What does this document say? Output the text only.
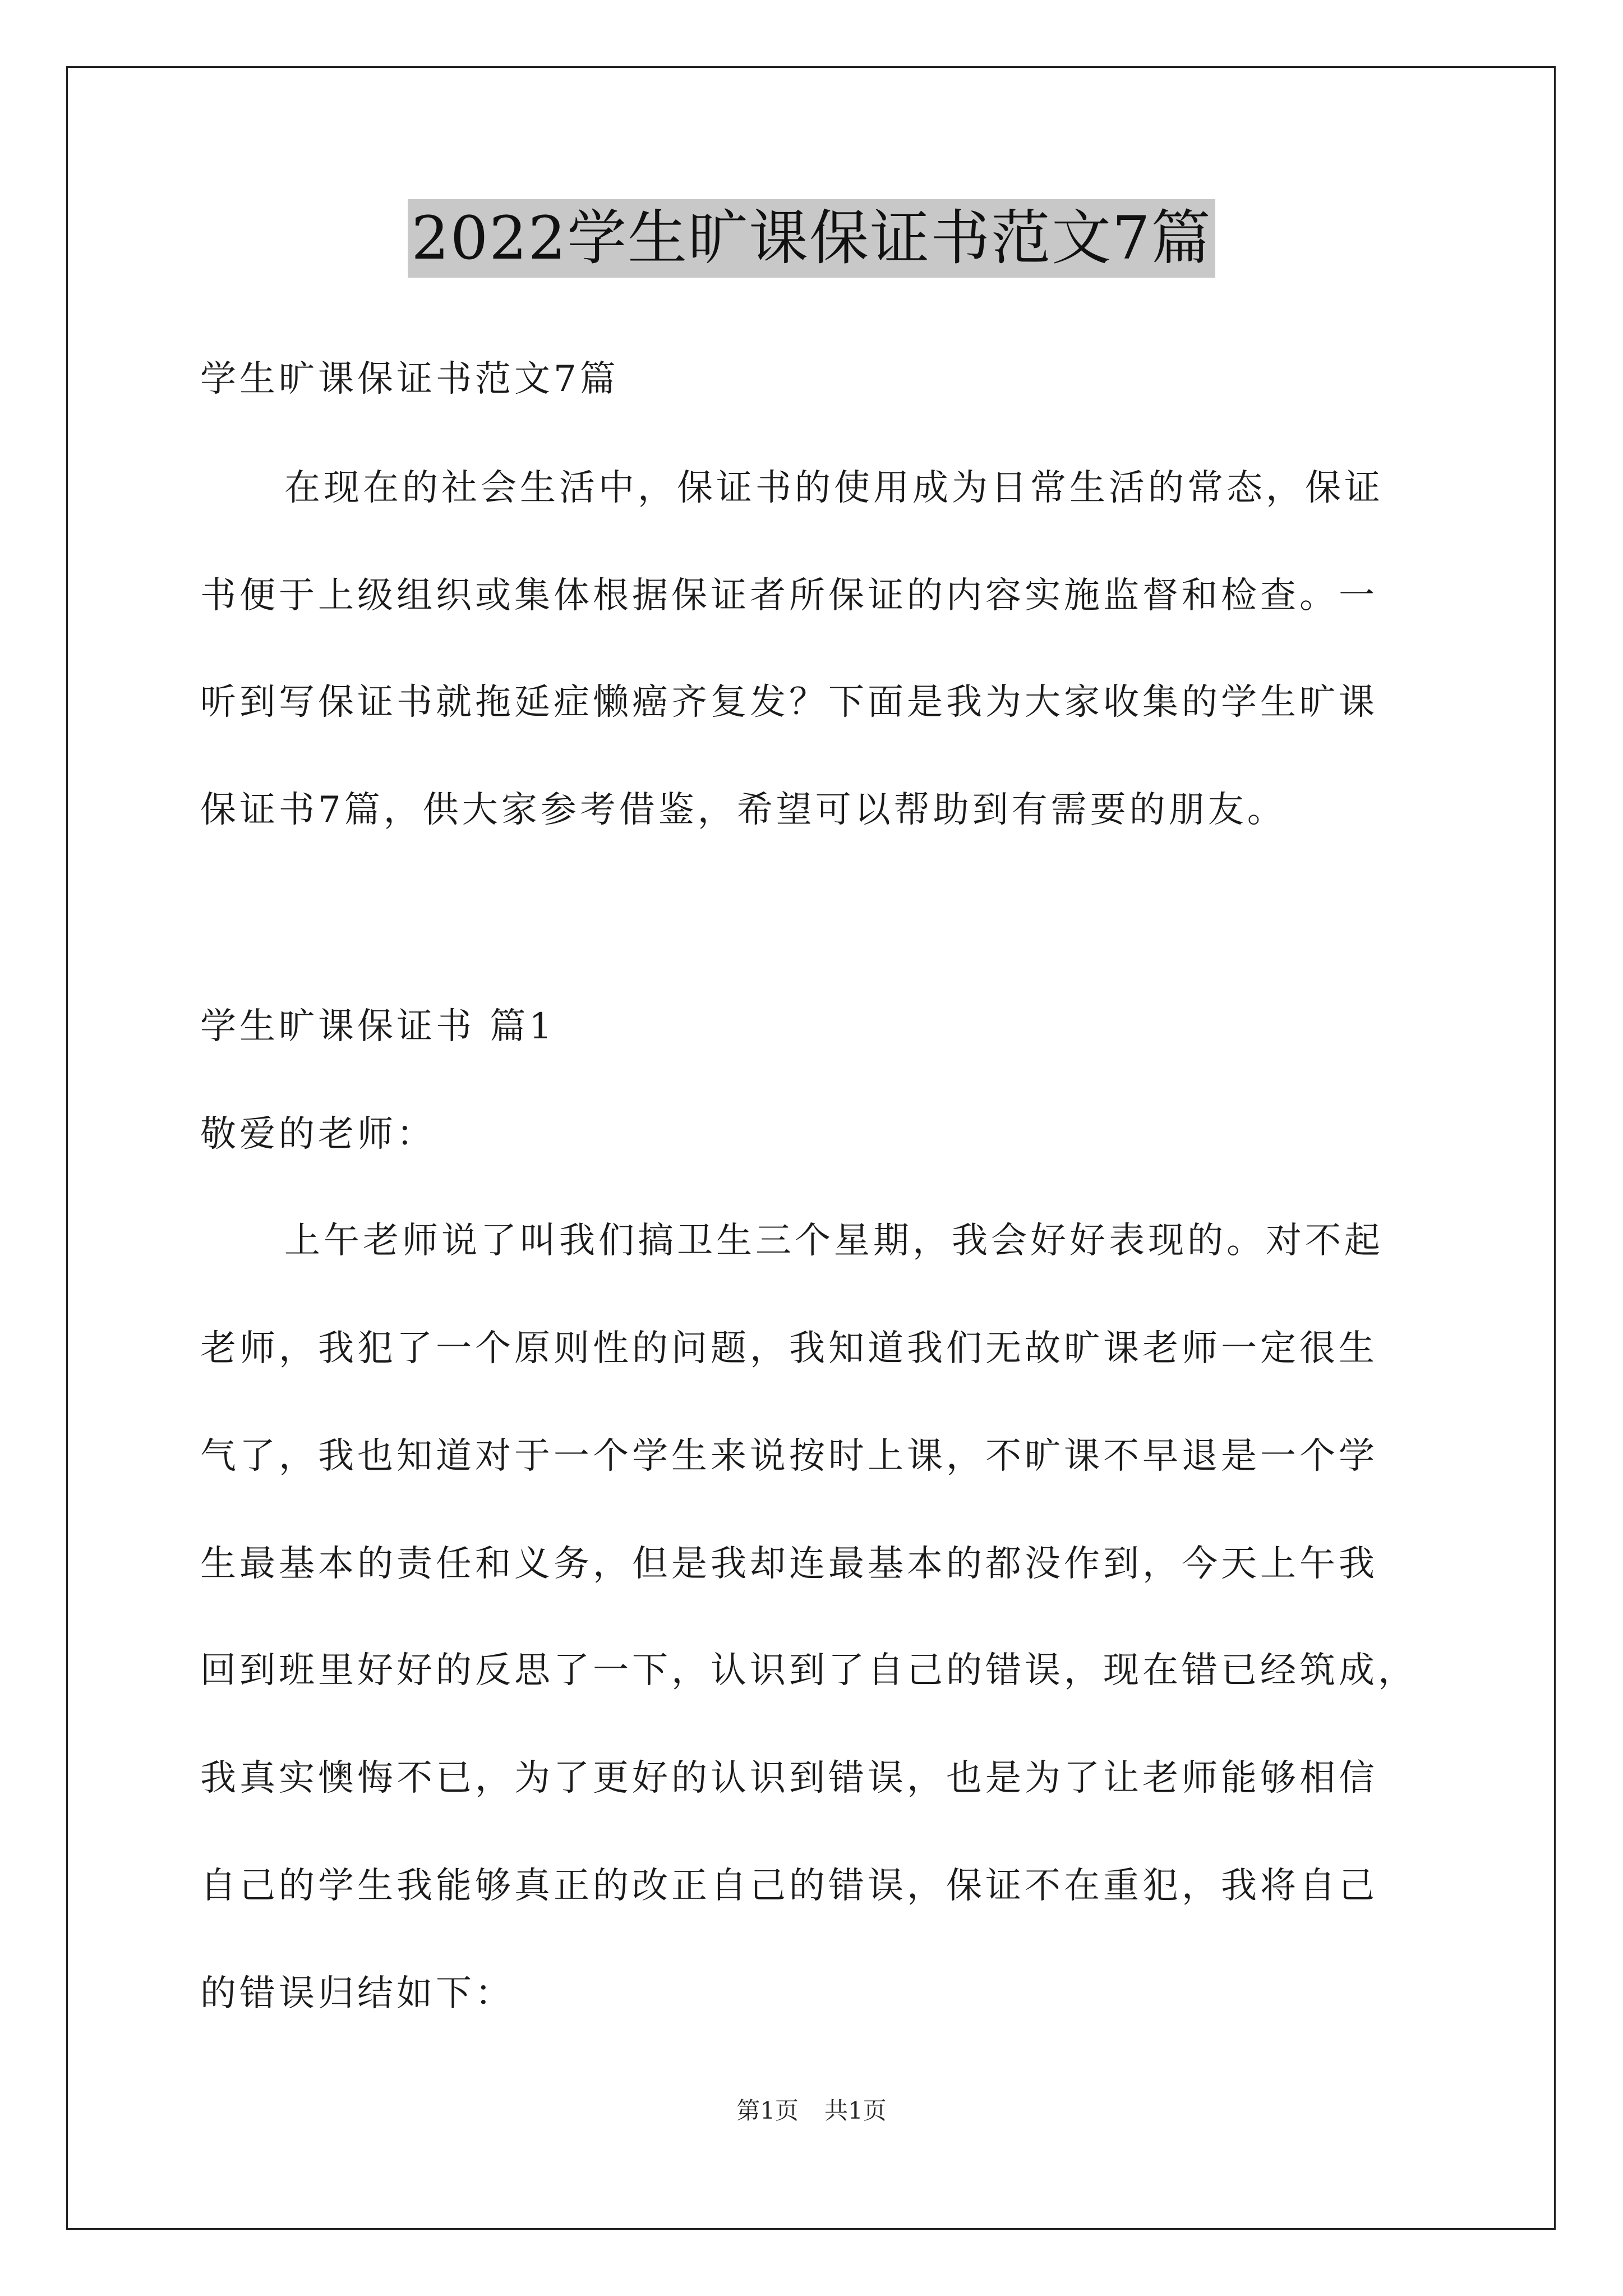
2022学生旷课保证书范文7篇
学生旷课保证书范文7篇
在现在的社会生活中，保证书的使用成为日常生活的常态，保证
书便于上级组织或集体根据保证者所保证的内容实施监督和检查。一
听到写保证书就拖延症懒癌齐复发？下面是我为大家收集的学生旷课
保证书7篇，供大家参考借鉴，希望可以帮助到有需要的朋友。
学生旷课保证书 篇1
敬爱的老师：
上午老师说了叫我们搞卫生三个星期，我会好好表现的。对不起
老师，我犯了一个原则性的问题，我知道我们无故旷课老师一定很生
气了，我也知道对于一个学生来说按时上课，不旷课不早退是一个学
生最基本的责任和义务，但是我却连最基本的都没作到，今天上午我
回到班里好好的反思了一下，认识到了自己的错误，现在错已经筑成，
我真实懊悔不已，为了更好的认识到错误，也是为了让老师能够相信
自己的学生我能够真正的改正自己的错误，保证不在重犯，我将自己
的错误归结如下：
第1页 共1页
